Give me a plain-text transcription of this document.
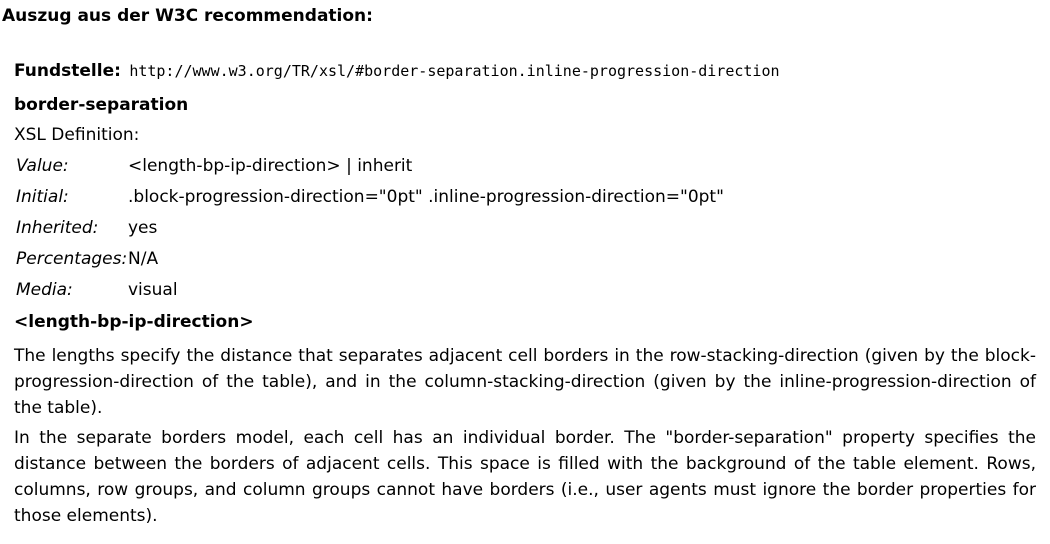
Auszug aus der W3C recommendation:
Fundstelle: http://www.w3.org/TR/xsl/#border-separation.inline-progression-direction
border-separation
XSL Definition:
Value:	<length-bp-ip-direction> | inherit
Initial:	.block-progression-direction="0pt" .inline-progression-direction="0pt"
Inherited:	yes
Percentages:	N/A
Media:	visual
<length-bp-ip-direction>

The lengths specify the distance that separates adjacent cell borders in the row-stacking-direction (given by the block-progression-direction of the table), and in the column-stacking-direction (given by the inline-progression-direction of the table).

In the separate borders model, each cell has an individual border. The "border-separation" property specifies the distance between the borders of adjacent cells. This space is filled with the background of the table element. Rows, columns, row groups, and column groups cannot have borders (i.e., user agents must ignore the border properties for those elements).
